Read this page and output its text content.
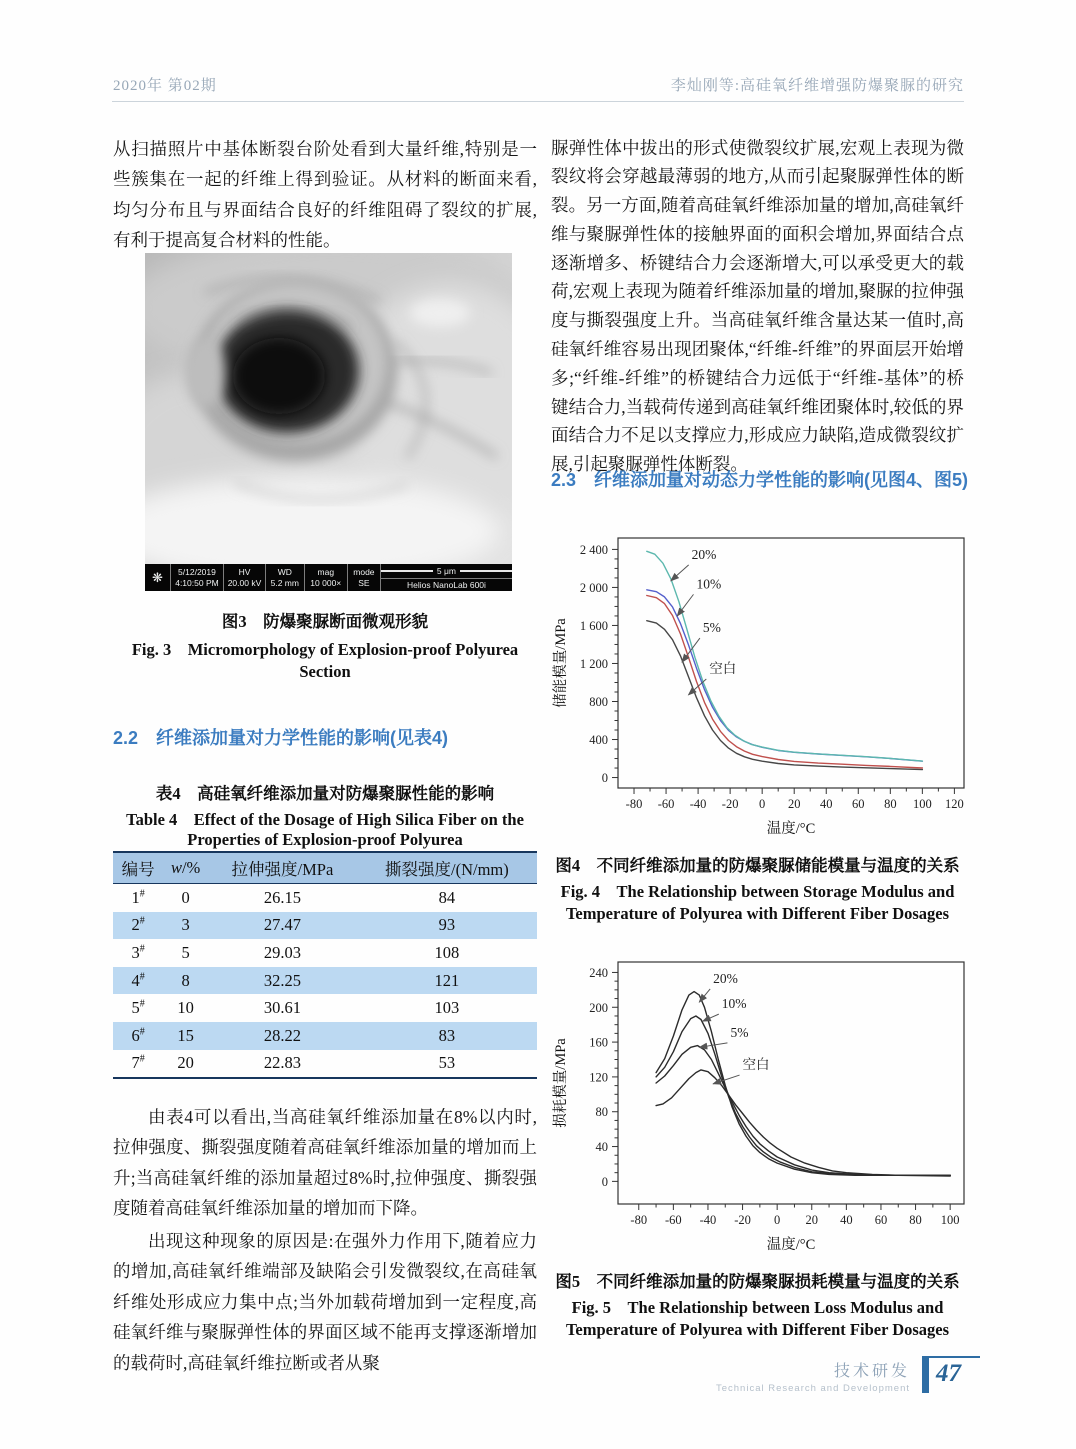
2020年 第02期	李灿刚等:高硅氧纤维增强防爆聚脲的研究

从扫描照片中基体断裂台阶处看到大量纤维,特别是一些簇集在一起的纤维上得到验证。从材料的断面来看,均匀分布且与界面结合良好的纤维阻碍了裂纹的扩展,有利于提高复合材料的性能。

❋	5/12/2019
4:10:50 PM
HV
20.00 kV
WD
5.2 mm
mag
10 000×
mode
SE
5 μm
Helios NanoLab 600i
图3　防爆聚脲断面微观形貌
Fig. 3　Micromorphology of Explosion-proof Polyurea
Section
2.2　纤维添加量对力学性能的影响(见表4)
表4　高硅氧纤维添加量对防爆聚脲性能的影响
Table 4　Effect of the Dosage of High Silica Fiber on the
Properties of Explosion-proof Polyurea
编号	w/%	拉伸强度/MPa	撕裂强度/(N/mm)
1#	0	26.15	84
2#	3	27.47	93
3#	5	29.03	108
4#	8	32.25	121
5#	10	30.61	103
6#	15	28.22	83
7#	20	22.83	53

由表4可以看出,当高硅氧纤维添加量在8%以内时,拉伸强度、撕裂强度随着高硅氧纤维添加量的增加而上升;当高硅氧纤维的添加量超过8%时,拉伸强度、撕裂强度随着高硅氧纤维添加量的增加而下降。

出现这种现象的原因是:在强外力作用下,随着应力的增加,高硅氧纤维端部及缺陷会引发微裂纹,在高硅氧纤维处形成应力集中点;当外加载荷增加到一定程度,高硅氧纤维与聚脲弹性体的界面区域不能再支撑逐渐增加的载荷时,高硅氧纤维拉断或者从聚

脲弹性体中拔出的形式使微裂纹扩展,宏观上表现为微裂纹将会穿越最薄弱的地方,从而引起聚脲弹性体的断裂。另一方面,随着高硅氧纤维添加量的增加,高硅氧纤维与聚脲弹性体的接触界面的面积会增加,界面结合点逐渐增多、桥键结合力会逐渐增大,可以承受更大的载荷,宏观上表现为随着纤维添加量的增加,聚脲的拉伸强度与撕裂强度上升。当高硅氧纤维含量达某一值时,高硅氧纤维容易出现团聚体,“纤维-纤维”的界面层开始增多;“纤维-纤维”的桥键结合力远低于“纤维-基体”的桥键结合力,当载荷传递到高硅氧纤维团聚体时,较低的界面结合力不足以支撑应力,形成应力缺陷,造成微裂纹扩展,引起聚脲弹性体断裂。

2.3　纤维添加量对动态力学性能的影响(见图4、图5)
-80 -60 -40 -20 0 20 40 60 80 100 120
0
400
800
1 200
1 600
2 000
2 400
温度/°C
储能模量/MPa
20%
10%
5%
空白
图4　不同纤维添加量的防爆聚脲储能模量与温度的关系
Fig. 4　The Relationship between Storage Modulus and
Temperature of Polyurea with Different Fiber Dosages
-80 -60 -40 -20 0 20 40 60 80 100
0
40
80
120
160
200
240
温度/°C
损耗模量/MPa
20%
10%
5%
空白
图5　不同纤维添加量的防爆聚脲损耗模量与温度的关系
Fig. 5　The Relationship between Loss Modulus and
Temperature of Polyurea with Different Fiber Dosages
技术研发
Technical Research and Development
47
